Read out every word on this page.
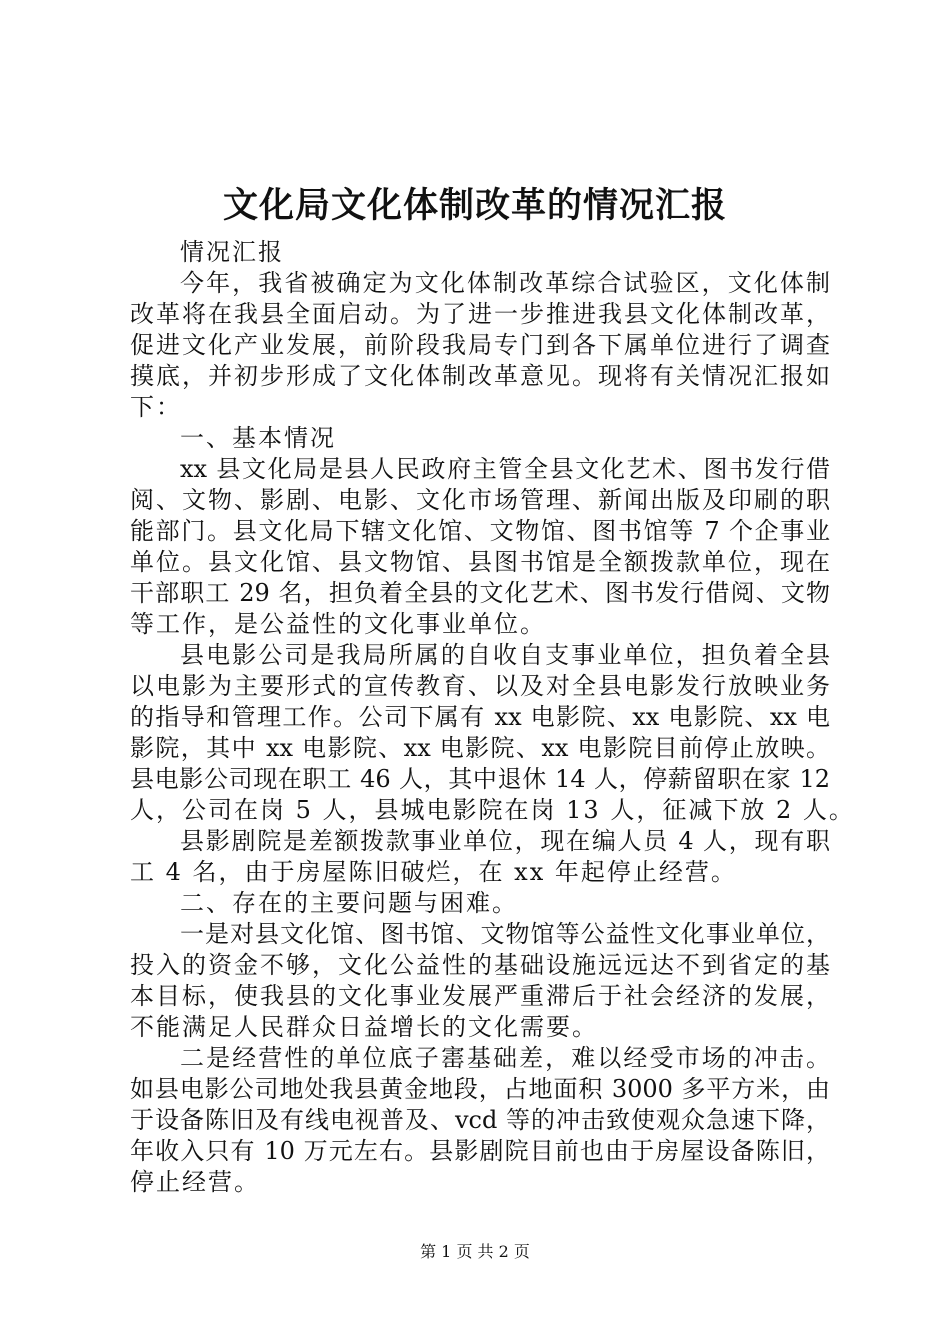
文化局文化体制改革的情况汇报
情况汇报
今年，我省被确定为文化体制改革综合试验区，文化体制
改革将在我县全面启动。为了进一步推进我县文化体制改革，
促进文化产业发展，前阶段我局专门到各下属单位进行了调查
摸底，并初步形成了文化体制改革意见。现将有关情况汇报如
下：
一、基本情况
xx 县文化局是县人民政府主管全县文化艺术、图书发行借
阅、文物、影剧、电影、文化市场管理、新闻出版及印刷的职
能部门。县文化局下辖文化馆、文物馆、图书馆等 7 个企事业
单位。县文化馆、县文物馆、县图书馆是全额拨款单位，现在
干部职工 29 名，担负着全县的文化艺术、图书发行借阅、文物
等工作，是公益性的文化事业单位。
县电影公司是我局所属的自收自支事业单位，担负着全县
以电影为主要形式的宣传教育、以及对全县电影发行放映业务
的指导和管理工作。公司下属有 xx 电影院、xx 电影院、xx 电
影院，其中 xx 电影院、xx 电影院、xx 电影院目前停止放映。
县电影公司现在职工 46 人，其中退休 14 人，停薪留职在家 12
人，公司在岗 5 人，县城电影院在岗 13 人，征减下放 2 人。
县影剧院是差额拨款事业单位，现在编人员 4 人，现有职
工 4 名，由于房屋陈旧破烂，在 xx 年起停止经营。
二、存在的主要问题与困难。
一是对县文化馆、图书馆、文物馆等公益性文化事业单位，
投入的资金不够，文化公益性的基础设施远远达不到省定的基
本目标，使我县的文化事业发展严重滞后于社会经济的发展，
不能满足人民群众日益增长的文化需要。
二是经营性的单位底子寚基础差，难以经受市场的冲击。
如县电影公司地处我县黄金地段，占地面积 3000 多平方米，由
于设备陈旧及有线电视普及、vcd 等的冲击致使观众急速下降，
年收入只有 10 万元左右。县影剧院目前也由于房屋设备陈旧，
停止经营。
第 1 页 共 2 页
